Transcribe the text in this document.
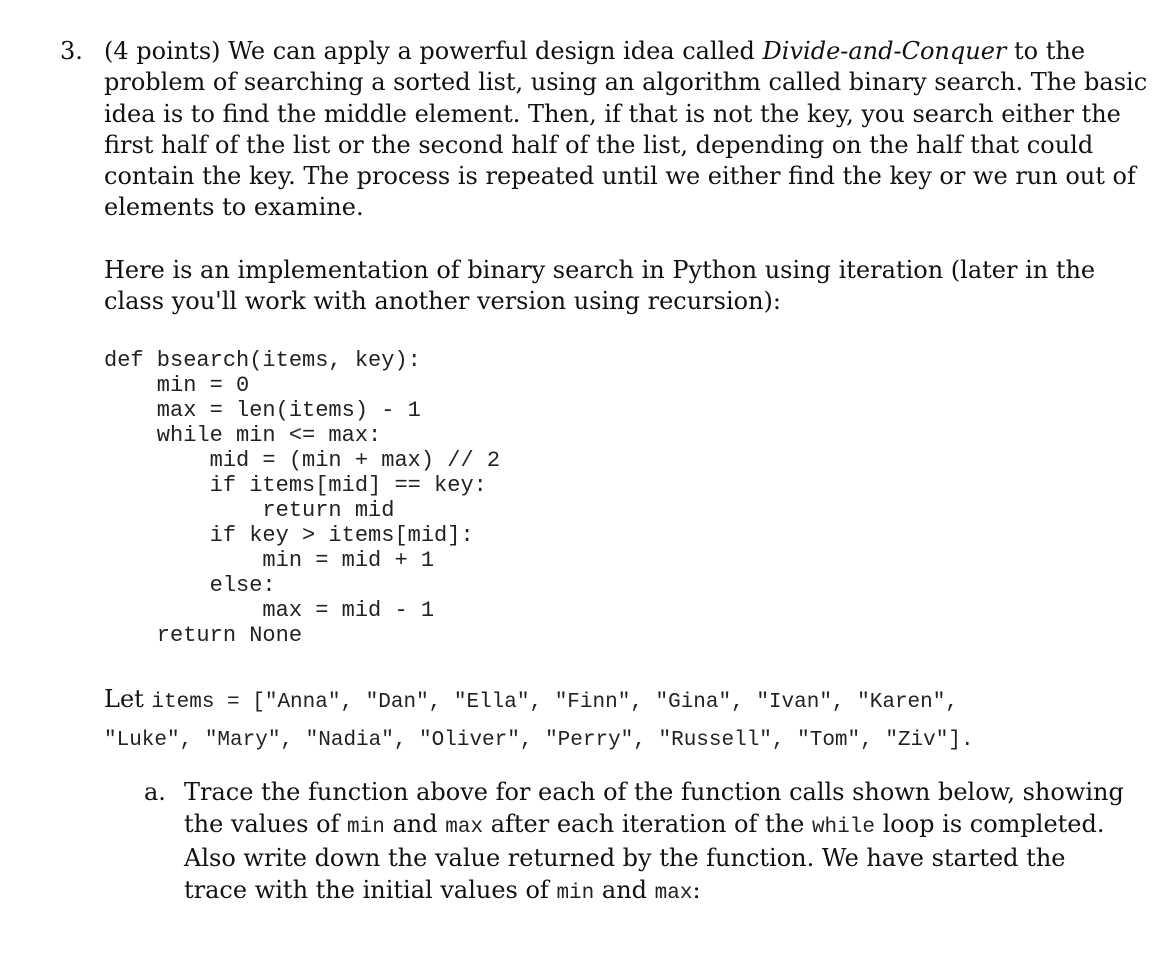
3. (4 points) We can apply a powerful design idea called Divide-and-Conquer to the

problem of searching a sorted list, using an algorithm called binary search. The basic

idea is to find the middle element. Then, if that is not the key, you search either the

first half of the list or the second half of the list, depending on the half that could

contain the key. The process is repeated until we either find the key or we run out of

elements to examine.

Here is an implementation of binary search in Python using iteration (later in the

class you'll work with another version using recursion):

def bsearch(items, key):
min = 0
max = len(items) - 1
while min <= max:
mid = (min + max) // 2
if items[mid] == key:
return mid
if key > items[mid]:
min = mid + 1
else:
max = mid - 1
return None
Let items = ["Anna", "Dan", "Ella", "Finn", "Gina", "Ivan", "Karen",
"Luke", "Mary", "Nadia", "Oliver", "Perry", "Russell", "Tom", "Ziv"].
a. Trace the function above for each of the function calls shown below, showing

the values of min and max after each iteration of the while loop is completed.

Also write down the value returned by the function. We have started the

trace with the initial values of min and max:
